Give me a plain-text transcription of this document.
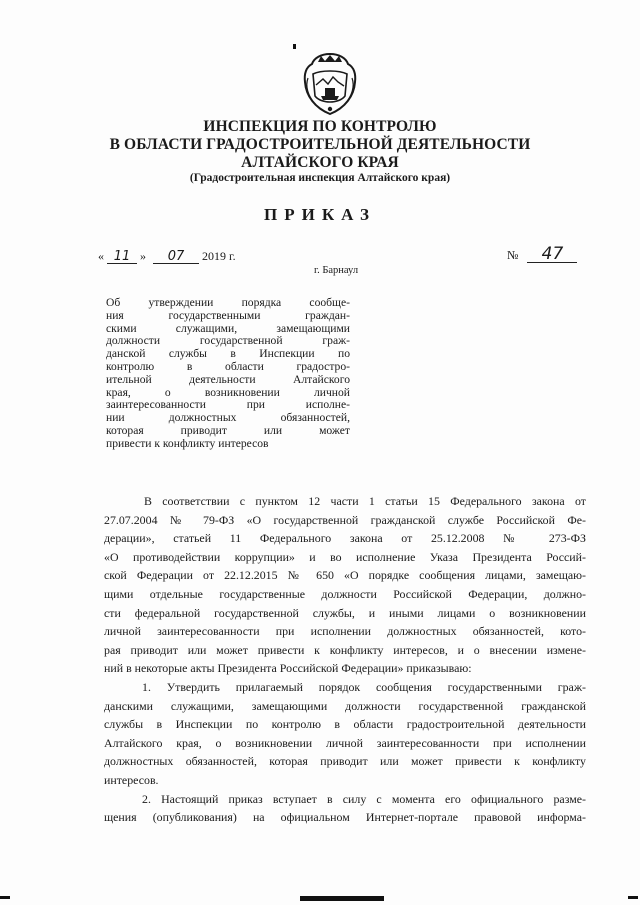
ИНСПЕКЦИЯ ПО КОНТРОЛЮ
В ОБЛАСТИ ГРАДОСТРОИТЕЛЬНОЙ ДЕЯТЕЛЬНОСТИ
АЛТАЙСКОГО КРАЯ
(Градостроительная инспекция Алтайского края)
ПРИКАЗ
« 11 » 07 2019 г.	№ 47
г. Барнаул
Об утверждении порядка сообще-
ния государственными граждан-
скими служащими, замещающими
должности государственной граж-
данской службы в Инспекции по
контролю в области градостро-
ительной деятельности Алтайского
края, о возникновении личной
заинтересованности при исполне-
нии должностных обязанностей,
которая приводит или может
привести к конфликту интересов
В соответствии с пунктом 12 части 1 статьи 15 Федерального закона от
27.07.2004 № 79-ФЗ «О государственной гражданской службе Российской Фе-
дерации», статьей 11 Федерального закона от 25.12.2008 № 273-ФЗ
«О противодействии коррупции» и во исполнение Указа Президента Россий-
ской Федерации от 22.12.2015 № 650 «О порядке сообщения лицами, замещаю-
щими отдельные государственные должности Российской Федерации, должно-
сти федеральной государственной службы, и иными лицами о возникновении
личной заинтересованности при исполнении должностных обязанностей, кото-
рая приводит или может привести к конфликту интересов, и о внесении измене-
ний в некоторые акты Президента Российской Федерации» приказываю:
1. Утвердить прилагаемый порядок сообщения государственными граж-
данскими служащими, замещающими должности государственной гражданской
службы в Инспекции по контролю в области градостроительной деятельности
Алтайского края, о возникновении личной заинтересованности при исполнении
должностных обязанностей, которая приводит или может привести к конфликту
интересов.
2. Настоящий приказ вступает в силу с момента его официального разме-
щения (опубликования) на официальном Интернет-портале правовой информа-
